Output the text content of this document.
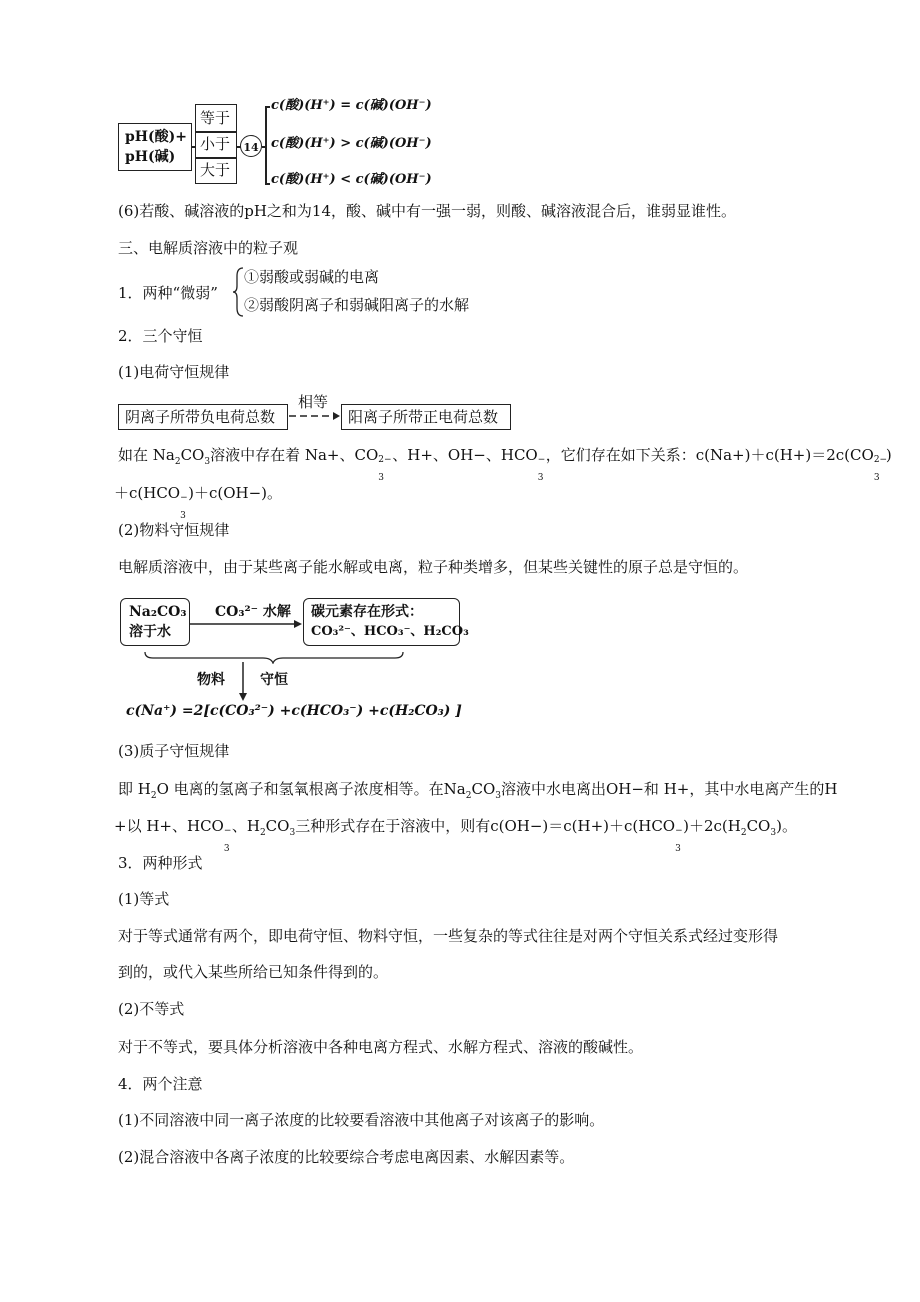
pH(酸)+
pH(碱)
等于
小于
大于
14
c(酸)(H⁺) = c(碱)(OH⁻)
c(酸)(H⁺) > c(碱)(OH⁻)
c(酸)(H⁺) < c(碱)(OH⁻)
(6)若酸、碱溶液的pH之和为14，酸、碱中有一强一弱，则酸、碱溶液混合后，谁弱显谁性。
三、电解质溶液中的粒子观
1．两种“微弱”
①弱酸或弱碱的电离
②弱酸阴离子和弱碱阳离子的水解
2．三个守恒
(1)电荷守恒规律
阴离子所带负电荷总数
相等
阳离子所带正电荷总数
如在 $Na_2CO_3$溶液中存在着 Na+、CO 2−
3
、H+、OH−、HCO −
3
，它们存在如下关系：c(Na+)＋c(H+)＝2c(CO 2−
3
)
＋c(HCO −
3
)＋c(OH−)。
(2)物料守恒规律
电解质溶液中，由于某些离子能水解或电离，粒子种类增多，但某些关键性的原子总是守恒的。
Na₂CO₃
溶于水
CO₃²⁻ 水解 碳元素存在形式：
CO₃²⁻、HCO₃⁻、H₂CO₃
物料	守恒
c(Na⁺) =2[c(CO₃²⁻) +c(HCO₃⁻) +c(H₂CO₃) ]
(3)质子守恒规律
即 $H_2O$ 电离的氢离子和氢氧根离子浓度相等。在$Na_2CO_3$溶液中水电离出OH−和 H+，其中水电离产生的H
+以 H+、HCO −
3
、$H_2CO_3$三种形式存在于溶液中，则有c(OH−)＝c(H+)＋c(HCO −
3
)$+2c(H_2CO_3)$。
3．两种形式
(1)等式
对于等式通常有两个，即电荷守恒、物料守恒，一些复杂的等式往往是对两个守恒关系式经过变形得
到的，或代入某些所给已知条件得到的。
(2)不等式
对于不等式，要具体分析溶液中各种电离方程式、水解方程式、溶液的酸碱性。
4．两个注意
(1)不同溶液中同一离子浓度的比较要看溶液中其他离子对该离子的影响。
(2)混合溶液中各离子浓度的比较要综合考虑电离因素、水解因素等。
